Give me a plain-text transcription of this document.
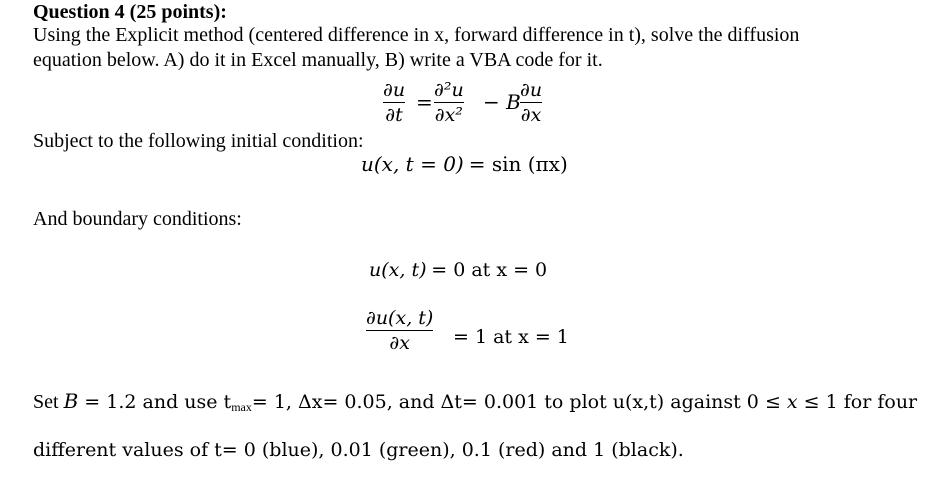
Question 4 (25 points):
Using the Explicit method (centered difference in x, forward difference in t), solve the diffusion
equation below. A) do it in Excel manually, B) write a VBA code for it.
∂u
∂t
= ∂²u
∂x²
− B ∂u
∂x
Subject to the following initial condition:
u(x, t = 0) = sin (πx)
And boundary conditions:
u(x, t) = 0 at x = 0
∂u(x, t)
∂x = 1 at x = 1
Set B = 1.2 and use $t_{max}= 1$, Δx= 0.05, and Δt= 0.001 to plot u(x,t) against 0 ≤ x ≤ 1 for four
different values of t= 0 (blue), 0.01 (green), 0.1 (red) and 1 (black).
